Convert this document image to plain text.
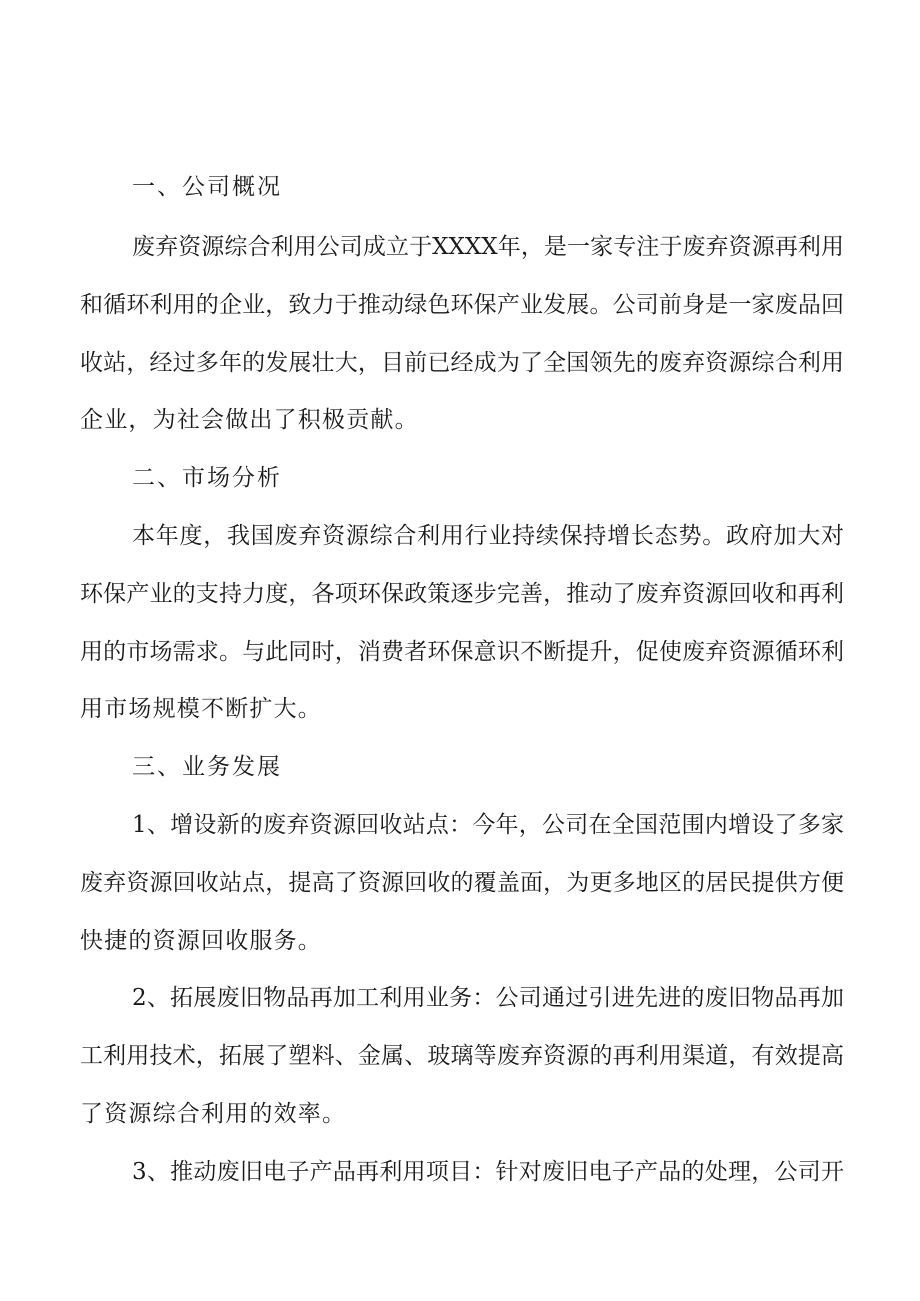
一、公司概况
废弃资源综合利用公司成立于XXXX年，是一家专注于废弃资源再利用
和循环利用的企业，致力于推动绿色环保产业发展。公司前身是一家废品回
收站，经过多年的发展壮大，目前已经成为了全国领先的废弃资源综合利用
企业，为社会做出了积极贡献。
二、市场分析
本年度，我国废弃资源综合利用行业持续保持增长态势。政府加大对
环保产业的支持力度，各项环保政策逐步完善，推动了废弃资源回收和再利
用的市场需求。与此同时，消费者环保意识不断提升，促使废弃资源循环利
用市场规模不断扩大。
三、业务发展
1、增设新的废弃资源回收站点：今年，公司在全国范围内增设了多家
废弃资源回收站点，提高了资源回收的覆盖面，为更多地区的居民提供方便
快捷的资源回收服务。
2、拓展废旧物品再加工利用业务：公司通过引进先进的废旧物品再加
工利用技术，拓展了塑料、金属、玻璃等废弃资源的再利用渠道，有效提高
了资源综合利用的效率。
3、推动废旧电子产品再利用项目：针对废旧电子产品的处理，公司开
